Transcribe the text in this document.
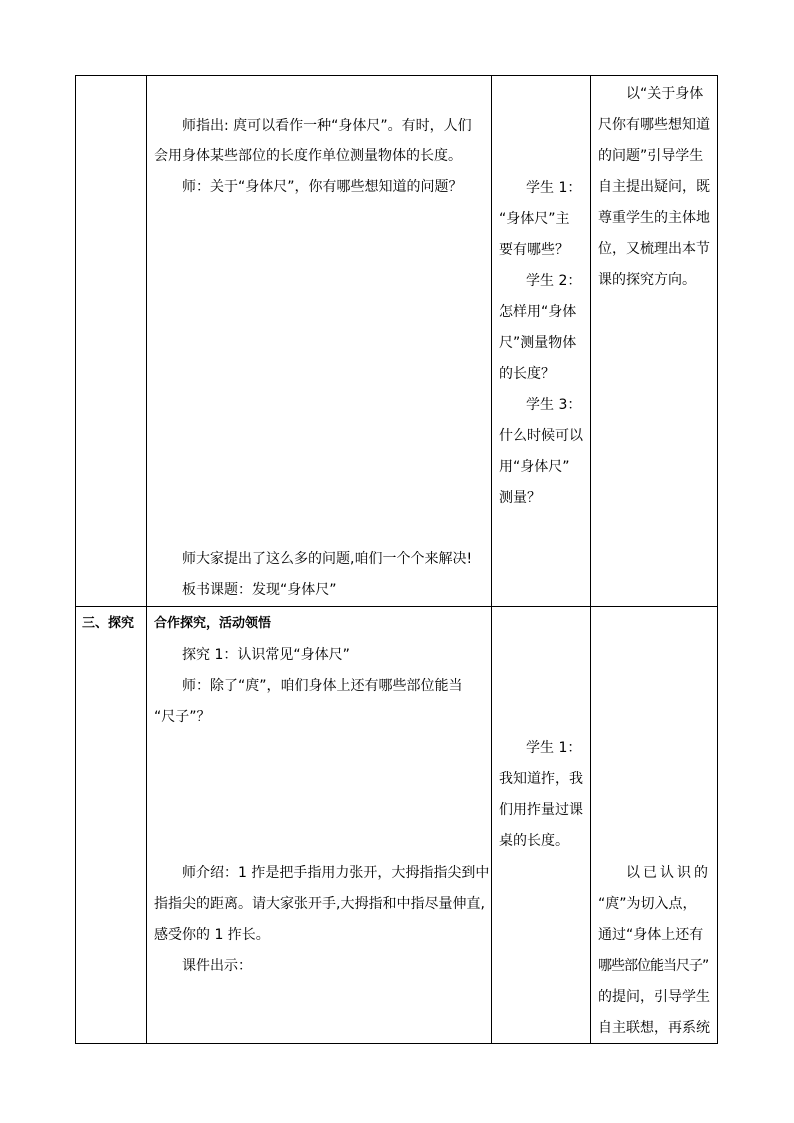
师指出: 庹可以看作一种“身体尺”。有时，人们
会用身体某些部位的长度作单位测量物体的长度。
师：关于“身体尺”，你有哪些想知道的问题？
师大家提出了这么多的问题,咱们一个个来解决!
板书课题：发现“身体尺”
学生 1：
“身体尺”主
要有哪些？
学生 2：
怎样用“身体
尺”测量物体
的长度？
学生 3：
什么时候可以
用“身体尺”
测量？
以“关于身体
尺你有哪些想知道
的问题”引导学生
自主提出疑问，既
尊重学生的主体地
位，又梳理出本节
课的探究方向。
三、探究 合作探究，活动领悟
探究 1：认识常见“身体尺”
师：除了“庹”，咱们身体上还有哪些部位能当
“尺子”？
师介绍：1 拃是把手指用力张开，大拇指指尖到中
指指尖的距离。请大家张开手,大拇指和中指尽量伸直,
感受你的 1 拃长。
课件出示：
学生 1：
我知道拃，我
们用拃量过课
桌的长度。
以已认识的
“庹”为切入点，
通过“身体上还有
哪些部位能当尺子”
的提问，引导学生
自主联想，再系统
